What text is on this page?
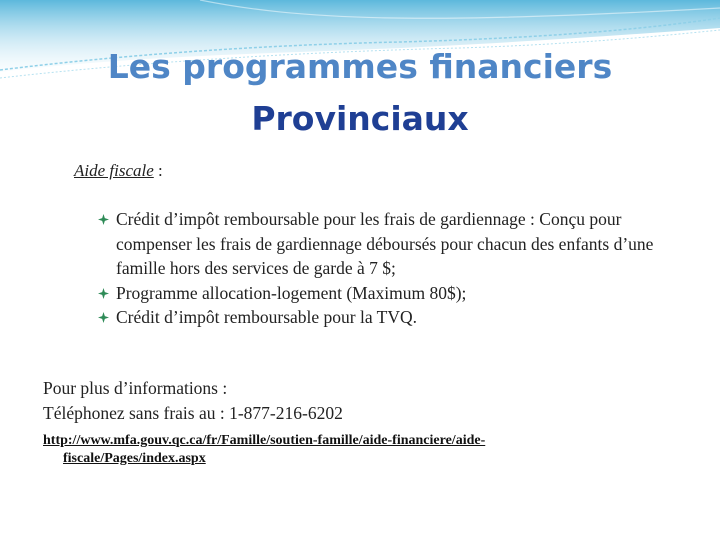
Les programmes financiers
Provinciaux
Aide fiscale :
Crédit d’impôt remboursable pour les frais de gardiennage : Conçu pour compenser les frais de gardiennage déboursés pour chacun des enfants d’une famille hors des services de garde à 7 $;
Programme allocation-logement (Maximum 80$);
Crédit d’impôt remboursable pour la TVQ.
Pour plus d’informations :
Téléphonez sans frais au : 1-877-216-6202
http://www.mfa.gouv.qc.ca/fr/Famille/soutien-famille/aide-financiere/aide-
fiscale/Pages/index.aspx
